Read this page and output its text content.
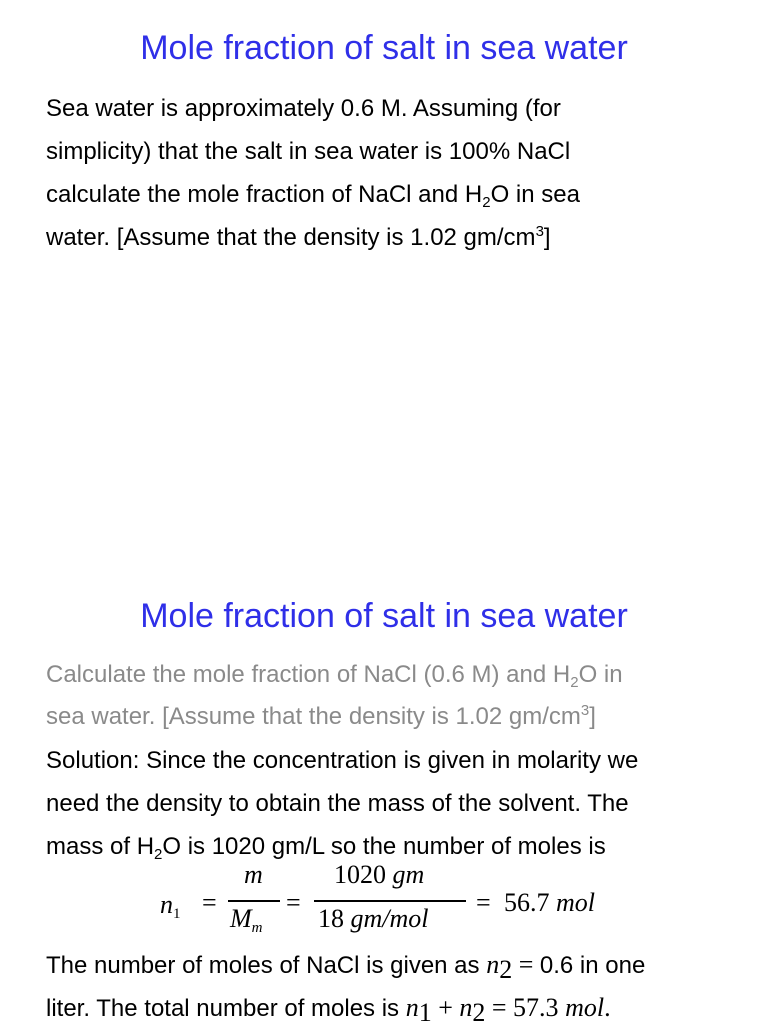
Mole fraction of salt in sea water
Sea water is approximately 0.6 M. Assuming (for
simplicity) that the salt in sea water is 100% NaCl
calculate the mole fraction of NaCl and $H_2O$ in sea
water. [Assume that the density is 1.02 $gm/cm^3$]
Mole fraction of salt in sea water
Calculate the mole fraction of NaCl (0.6 M) and $H_2O$ in
sea water. [Assume that the density is 1.02 $gm/cm^3$]
Solution: Since the concentration is given in molarity we
need the density to obtain the mass of the solvent. The
mass of $H_2O$ is 1020 gm/L so the number of moles is
$n_1$ =
m
$M_m$
=
1020 gm
18 gm/mol
= 56.7 mol
The number of moles of NaCl is given as $n_2 = 0.6$ in one
liter. The total number of moles is $n_1 + n_2 = 57.3$ mol.
